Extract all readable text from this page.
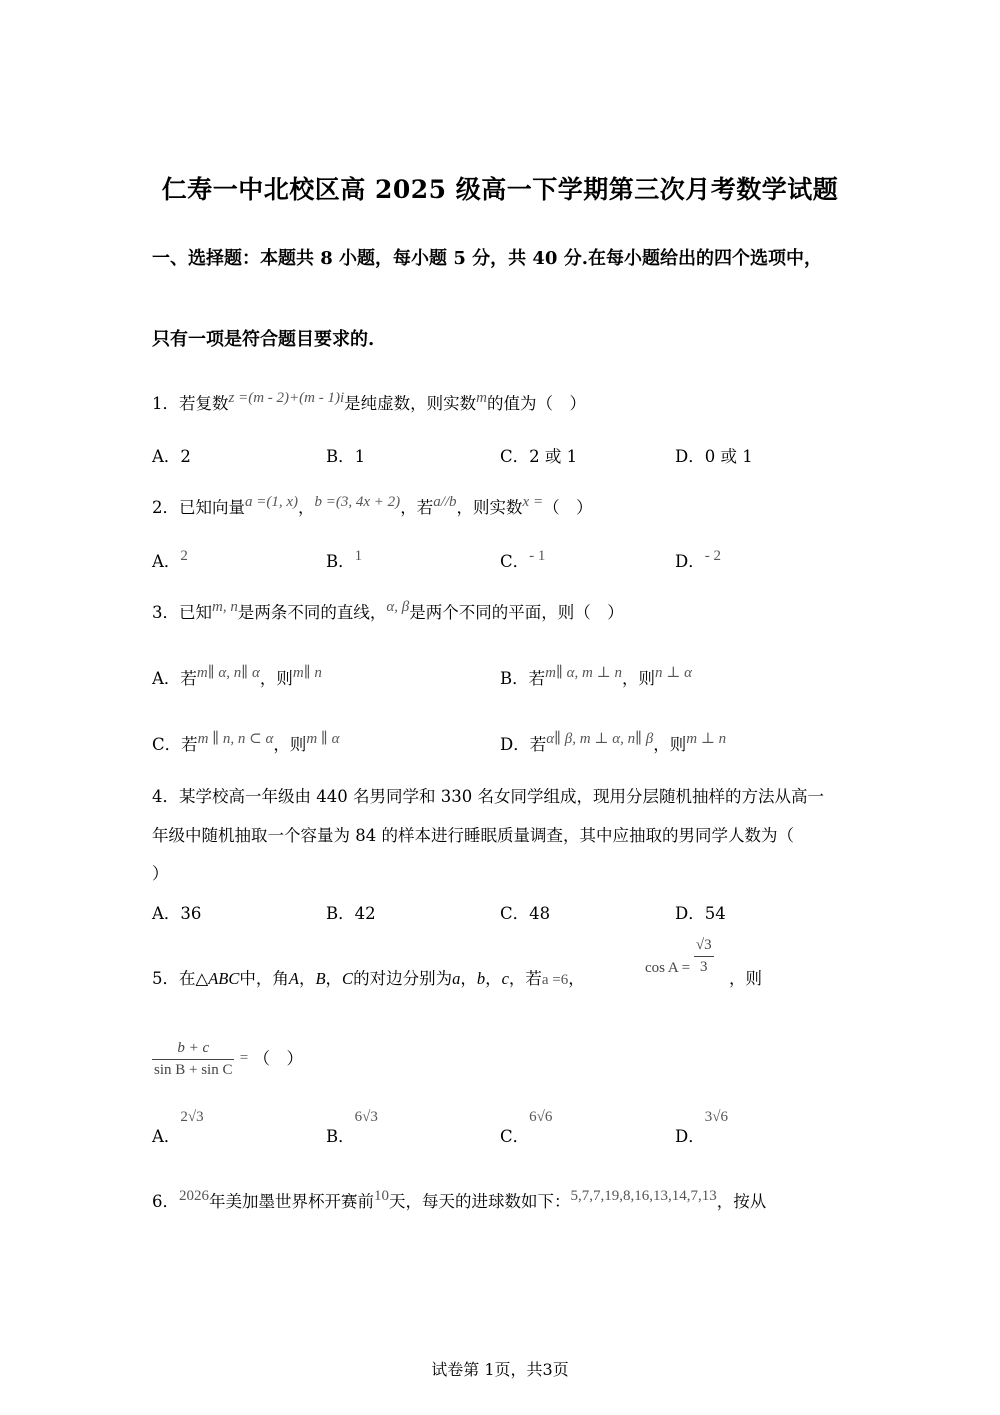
仁寿一中北校区高 2025 级高一下学期第三次月考数学试题
一、选择题：本题共 8 小题，每小题 5 分，共 40 分.在每小题给出的四个选项中，
只有一项是符合题目要求的.
1．若复数z =(m - 2)+(m - 1)i是纯虚数，则实数m的值为（　）
A．2	B．1	C．2 或 1	D．0 或 1
2．已知向量a =(1, x)，b =(3, 4x + 2)，若a//b，则实数x =（　）
A．2	B．1	C．- 1	D．- 2
3．已知m, n是两条不同的直线，α, β是两个不同的平面，则（　）
A．若m∥ α, n∥ α，则m∥ n	B．若m∥ α, m ⊥ n，则n ⊥ α
C．若m ∥ n, n ⊂ α，则m ∥ α	D．若α∥ β, m ⊥ α, n∥ β，则m ⊥ n
4．某学校高一年级由 440 名男同学和 330 名女同学组成，现用分层随机抽样的方法从高一
年级中随机抽取一个容量为 84 的样本进行睡眠质量调查，其中应抽取的男同学人数为（
）
A．36	B．42	C．48	D．54
5．在△ABC中，角A，B，C的对边分别为a，b，c，若a =6，
$\cos A = \frac{√3}{3}$
，则
$\frac{b + c}{\text{sin B + sin C}}$ = （　）
A．2√3
B．6√3
C．6√6
D．3√6
6．2026年美加墨世界杯开赛前10天，每天的进球数如下：5,7,7,19,8,16,13,14,7,13，按从
试卷第 1页，共3页
